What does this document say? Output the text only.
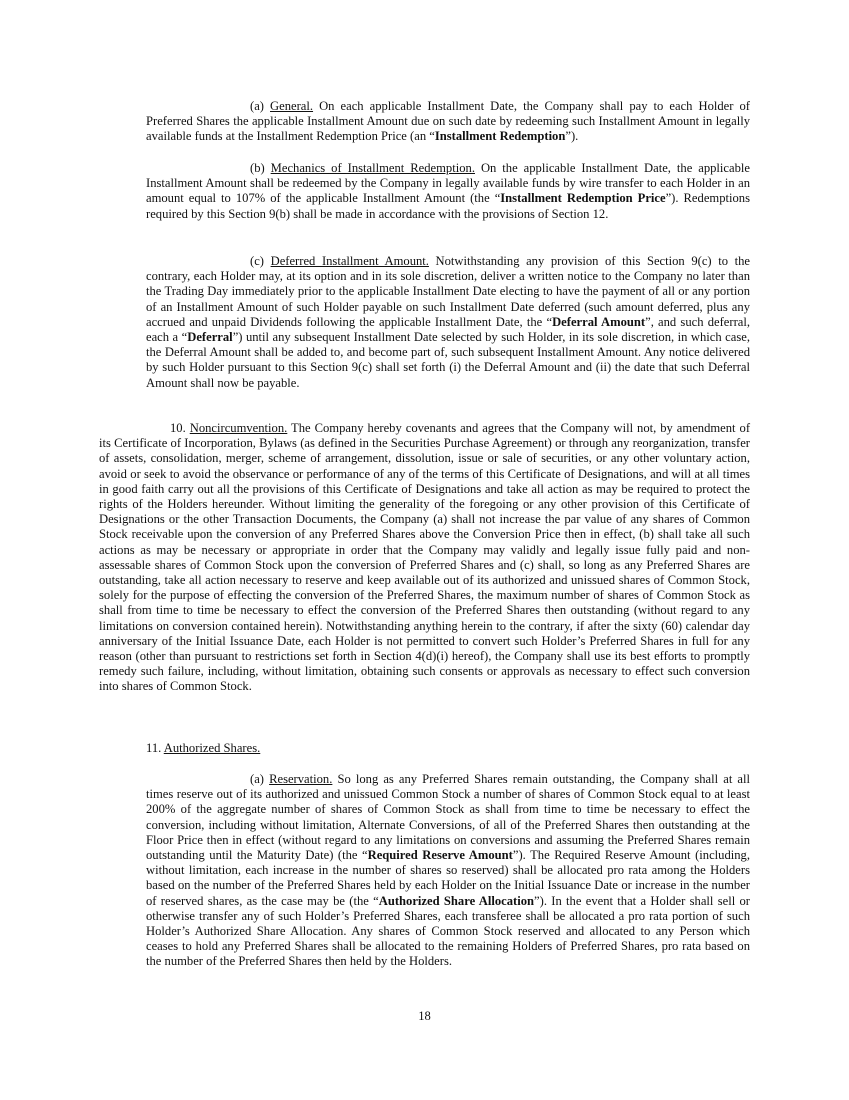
(a) General. On each applicable Installment Date, the Company shall pay to each Holder of Preferred Shares the applicable Installment Amount due on such date by redeeming such Installment Amount in legally available funds at the Installment Redemption Price (an “Installment Redemption”).

(b) Mechanics of Installment Redemption. On the applicable Installment Date, the applicable Installment Amount shall be redeemed by the Company in legally available funds by wire transfer to each Holder in an amount equal to 107% of the applicable Installment Amount (the “Installment Redemption Price”). Redemptions required by this Section 9(b) shall be made in accordance with the provisions of Section 12.

(c) Deferred Installment Amount. Notwithstanding any provision of this Section 9(c) to the contrary, each Holder may, at its option and in its sole discretion, deliver a written notice to the Company no later than the Trading Day immediately prior to the applicable Installment Date electing to have the payment of all or any portion of an Installment Amount of such Holder payable on such Installment Date deferred (such amount deferred, plus any accrued and unpaid Dividends following the applicable Installment Date, the “Deferral Amount”, and such deferral, each a “Deferral”) until any subsequent Installment Date selected by such Holder, in its sole discretion, in which case, the Deferral Amount shall be added to, and become part of, such subsequent Installment Amount. Any notice delivered by such Holder pursuant to this Section 9(c) shall set forth (i) the Deferral Amount and (ii) the date that such Deferral Amount shall now be payable.

10. Noncircumvention. The Company hereby covenants and agrees that the Company will not, by amendment of its Certificate of Incorporation, Bylaws (as defined in the Securities Purchase Agreement) or through any reorganization, transfer of assets, consolidation, merger, scheme of arrangement, dissolution, issue or sale of securities, or any other voluntary action, avoid or seek to avoid the observance or performance of any of the terms of this Certificate of Designations, and will at all times in good faith carry out all the provisions of this Certificate of Designations and take all action as may be required to protect the rights of the Holders hereunder. Without limiting the generality of the foregoing or any other provision of this Certificate of Designations or the other Transaction Documents, the Company (a) shall not increase the par value of any shares of Common Stock receivable upon the conversion of any Preferred Shares above the Conversion Price then in effect, (b) shall take all such actions as may be necessary or appropriate in order that the Company may validly and legally issue fully paid and non-assessable shares of Common Stock upon the conversion of Preferred Shares and (c) shall, so long as any Preferred Shares are outstanding, take all action necessary to reserve and keep available out of its authorized and unissued shares of Common Stock, solely for the purpose of effecting the conversion of the Preferred Shares, the maximum number of shares of Common Stock as shall from time to time be necessary to effect the conversion of the Preferred Shares then outstanding (without regard to any limitations on conversion contained herein). Notwithstanding anything herein to the contrary, if after the sixty (60) calendar day anniversary of the Initial Issuance Date, each Holder is not permitted to convert such Holder’s Preferred Shares in full for any reason (other than pursuant to restrictions set forth in Section 4(d)(i) hereof), the Company shall use its best efforts to promptly remedy such failure, including, without limitation, obtaining such consents or approvals as necessary to effect such conversion into shares of Common Stock.

11. Authorized Shares.

(a) Reservation. So long as any Preferred Shares remain outstanding, the Company shall at all times reserve out of its authorized and unissued Common Stock a number of shares of Common Stock equal to at least 200% of the aggregate number of shares of Common Stock as shall from time to time be necessary to effect the conversion, including without limitation, Alternate Conversions, of all of the Preferred Shares then outstanding at the Floor Price then in effect (without regard to any limitations on conversions and assuming the Preferred Shares remain outstanding until the Maturity Date) (the “Required Reserve Amount”). The Required Reserve Amount (including, without limitation, each increase in the number of shares so reserved) shall be allocated pro rata among the Holders based on the number of the Preferred Shares held by each Holder on the Initial Issuance Date or increase in the number of reserved shares, as the case may be (the “Authorized Share Allocation”). In the event that a Holder shall sell or otherwise transfer any of such Holder’s Preferred Shares, each transferee shall be allocated a pro rata portion of such Holder’s Authorized Share Allocation. Any shares of Common Stock reserved and allocated to any Person which ceases to hold any Preferred Shares shall be allocated to the remaining Holders of Preferred Shares, pro rata based on the number of the Preferred Shares then held by the Holders.

18
